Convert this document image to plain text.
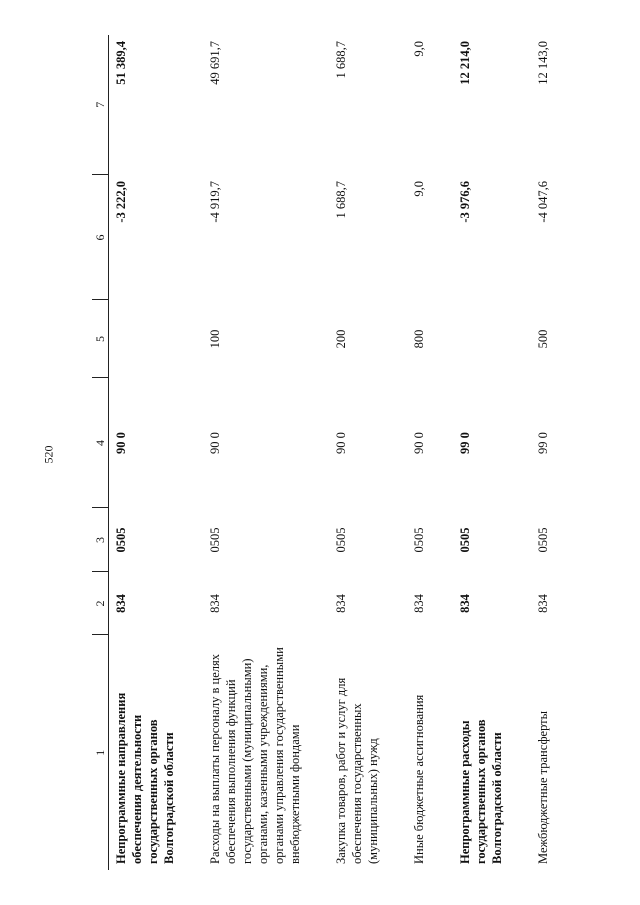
520
1	2	3	4	5	6	7
Непрограммные направления обеспечения деятельности государственных органов Волгоградской области	834	0505	90 0		-3 222,0	51 389,4
Расходы на выплаты персоналу в целях обеспечения выполнения функций государственными (муниципальными) органами, казенными учреждениями, органами управления государственными внебюджетными фондами	834	0505	90 0	100	-4 919,7	49 691,7
Закупка товаров, работ и услуг для обеспечения государственных (муниципальных) нужд	834	0505	90 0	200	1 688,7	1 688,7
Иные бюджетные ассигнования	834	0505	90 0	800	9,0	9,0
Непрограммные расходы государственных органов Волгоградской области	834	0505	99 0		-3 976,6	12 214,0
Межбюджетные трансферты	834	0505	99 0	500	-4 047,6	12 143,0
